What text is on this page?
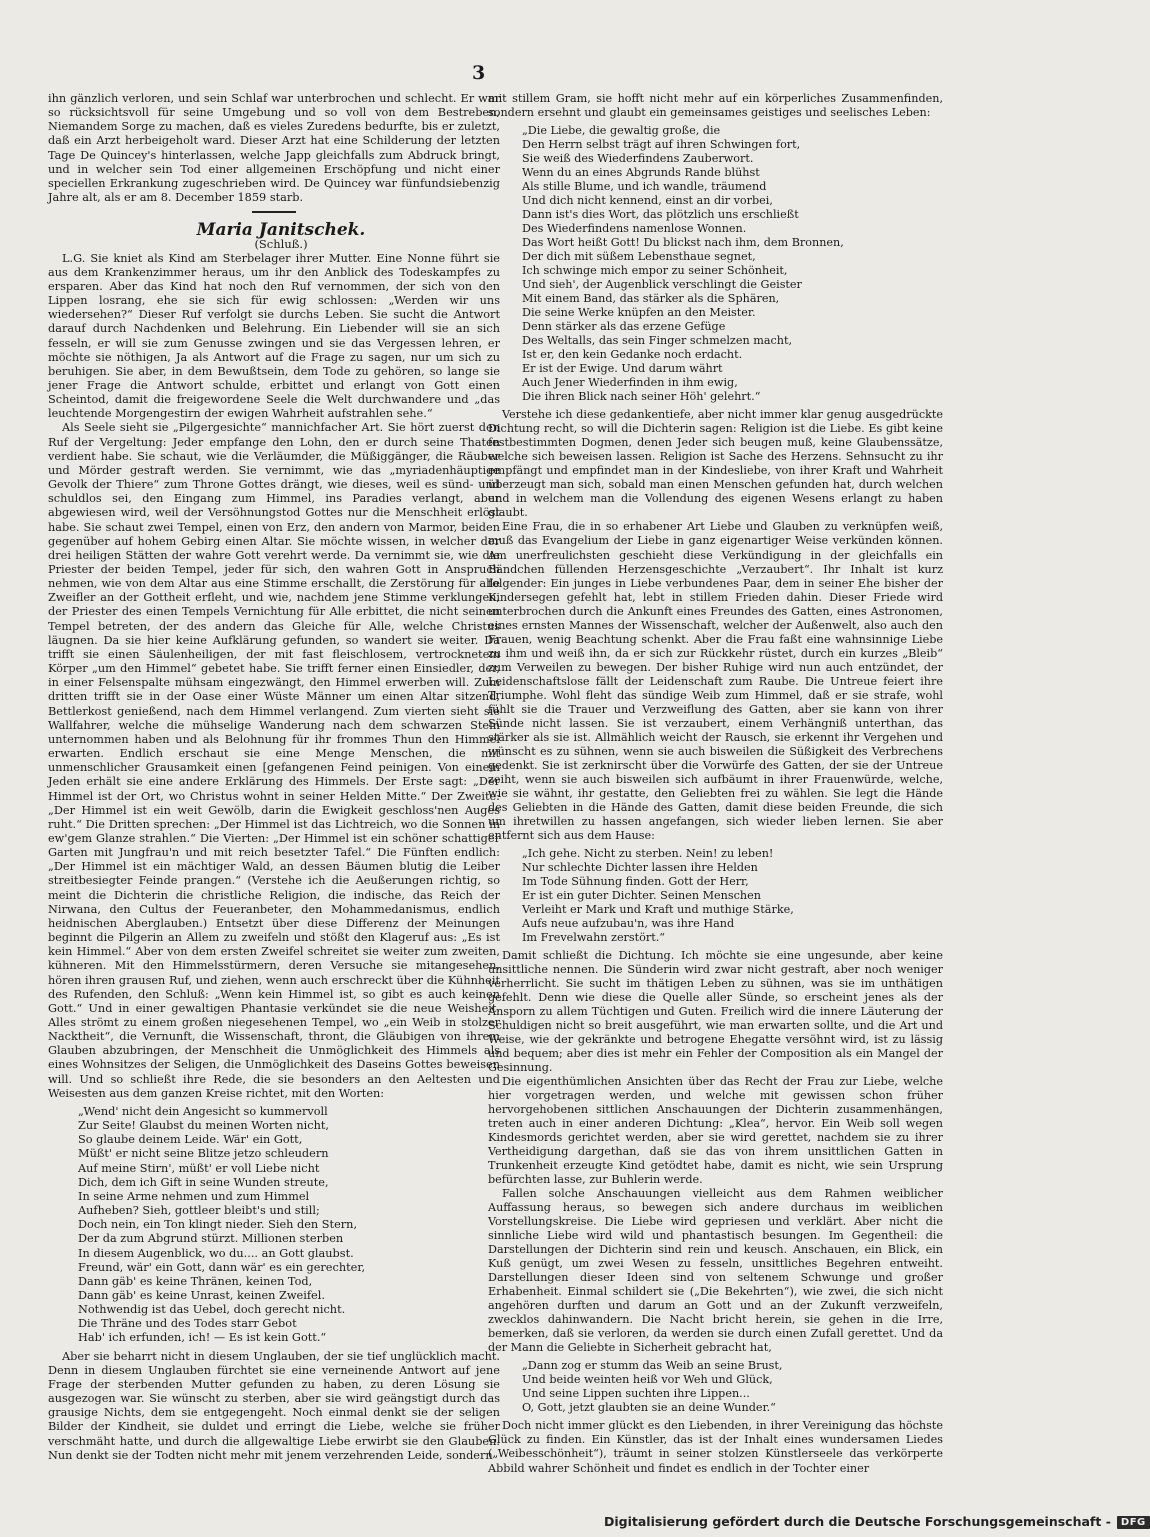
3

ihn gänzlich verloren, und sein Schlaf war unterbrochen und schlecht. Er war so rücksichtsvoll für seine Umgebung und so voll von dem Bestreben, Niemandem Sorge zu machen, daß es vieles Zuredens bedurfte, bis er zuletzt, daß ein Arzt herbeigeholt ward. Dieser Arzt hat eine Schilderung der letzten Tage De Quincey's hinterlassen, welche Japp gleichfalls zum Abdruck bringt, und in welcher sein Tod einer allgemeinen Erschöpfung und nicht einer speciellen Erkrankung zugeschrieben wird. De Quincey war fünfundsiebenzig Jahre alt, als er am 8. December 1859 starb.

Maria Janitschek.

(Schluß.)

L.G. Sie kniet als Kind am Sterbelager ihrer Mutter. Eine Nonne führt sie aus dem Krankenzimmer heraus, um ihr den Anblick des Todeskampfes zu ersparen. Aber das Kind hat noch den Ruf vernommen, der sich von den Lippen losrang, ehe sie sich für ewig schlossen: „Werden wir uns wiedersehen?“ Dieser Ruf verfolgt sie durchs Leben. Sie sucht die Antwort darauf durch Nachdenken und Belehrung. Ein Liebender will sie an sich fesseln, er will sie zum Genusse zwingen und sie das Vergessen lehren, er möchte sie nöthigen, Ja als Antwort auf die Frage zu sagen, nur um sich zu beruhigen. Sie aber, in dem Bewußtsein, dem Tode zu gehören, so lange sie jener Frage die Antwort schulde, erbittet und erlangt von Gott einen Scheintod, damit die freigewordene Seele die Welt durchwandere und „das leuchtende Morgengestirn der ewigen Wahrheit aufstrahlen sehe.“

Als Seele sieht sie „Pilgergesichte“ mannichfacher Art. Sie hört zuerst den Ruf der Vergeltung: Jeder empfange den Lohn, den er durch seine Thaten verdient habe. Sie schaut, wie die Verläumder, die Müßiggänger, die Räuber und Mörder gestraft werden. Sie vernimmt, wie das „myriadenhäuptige Gevolk der Thiere“ zum Throne Gottes drängt, wie dieses, weil es sünd- und schuldlos sei, den Eingang zum Himmel, ins Paradies verlangt, aber abgewiesen wird, weil der Versöhnungstod Gottes nur die Menschheit erlöst habe. Sie schaut zwei Tempel, einen von Erz, den andern von Marmor, beiden gegenüber auf hohem Gebirg einen Altar. Sie möchte wissen, in welcher der drei heiligen Stätten der wahre Gott verehrt werde. Da vernimmt sie, wie die Priester der beiden Tempel, jeder für sich, den wahren Gott in Anspruch nehmen, wie von dem Altar aus eine Stimme erschallt, die Zerstörung für alle Zweifler an der Gottheit erfleht, und wie, nachdem jene Stimme verklungen, der Priester des einen Tempels Vernichtung für Alle erbittet, die nicht seinen Tempel betreten, der des andern das Gleiche für Alle, welche Christus läugnen. Da sie hier keine Aufklärung gefunden, so wandert sie weiter. Da trifft sie einen Säulenheiligen, der mit fast fleischlosem, vertrocknetem Körper „um den Himmel“ gebetet habe. Sie trifft ferner einen Einsiedler, der, in einer Felsenspalte mühsam eingezwängt, den Himmel erwerben will. Zum dritten trifft sie in der Oase einer Wüste Männer um einen Altar sitzend, Bettlerkost genießend, nach dem Himmel verlangend. Zum vierten sieht sie Wallfahrer, welche die mühselige Wanderung nach dem schwarzen Stein unternommen haben und als Belohnung für ihr frommes Thun den Himmel erwarten. Endlich erschaut sie eine Menge Menschen, die mit unmenschlicher Grausamkeit einen [gefangenen Feind peinigen. Von einem Jeden erhält sie eine andere Erklärung des Himmels. Der Erste sagt: „Der Himmel ist der Ort, wo Christus wohnt in seiner Helden Mitte.“ Der Zweite: „Der Himmel ist ein weit Gewölb, darin die Ewigkeit geschloss'nen Auges ruht.“ Die Dritten sprechen: „Der Himmel ist das Lichtreich, wo die Sonnen in ew'gem Glanze strahlen.“ Die Vierten: „Der Himmel ist ein schöner schattiger Garten mit Jungfrau'n und mit reich besetzter Tafel.“ Die Fünften endlich: „Der Himmel ist ein mächtiger Wald, an dessen Bäumen blutig die Leiber streitbesiegter Feinde prangen.“ (Verstehe ich die Aeußerungen richtig, so meint die Dichterin die christliche Religion, die indische, das Reich der Nirwana, den Cultus der Feueranbeter, den Mohammedanismus, endlich heidnischen Aberglauben.) Entsetzt über diese Differenz der Meinungen beginnt die Pilgerin an Allem zu zweifeln und stößt den Klageruf aus: „Es ist kein Himmel.“ Aber von dem ersten Zweifel schreitet sie weiter zum zweiten, kühneren. Mit den Himmelsstürmern, deren Versuche sie mitangesehen, hören ihren grausen Ruf, und ziehen, wenn auch erschreckt über die Kühnheit des Rufenden, den Schluß: „Wenn kein Himmel ist, so gibt es auch keinen Gott.“ Und in einer gewaltigen Phantasie verkündet sie die neue Weisheit. Alles strömt zu einem großen niegesehenen Tempel, wo „ein Weib in stolzer Nacktheit“, die Vernunft, die Wissenschaft, thront, die Gläubigen von ihrem Glauben abzubringen, der Menschheit die Unmöglichkeit des Himmels als eines Wohnsitzes der Seligen, die Unmöglichkeit des Daseins Gottes beweisen will. Und so schließt ihre Rede, die sie besonders an den Aeltesten und Weisesten aus dem ganzen Kreise richtet, mit den Worten:

„Wend' nicht dein Angesicht so kummervoll
Zur Seite! Glaubst du meinen Worten nicht,
So glaube deinem Leide. Wär' ein Gott,
Müßt' er nicht seine Blitze jetzo schleudern
Auf meine Stirn', müßt' er voll Liebe nicht
Dich, dem ich Gift in seine Wunden streute,
In seine Arme nehmen und zum Himmel
Aufheben? Sieh, gottleer bleibt's und still;
Doch nein, ein Ton klingt nieder. Sieh den Stern,
Der da zum Abgrund stürzt. Millionen sterben
In diesem Augenblick, wo du.... an Gott glaubst.
Freund, wär' ein Gott, dann wär' es ein gerechter,
Dann gäb' es keine Thränen, keinen Tod,
Dann gäb' es keine Unrast, keinen Zweifel.
Nothwendig ist das Uebel, doch gerecht nicht.
Die Thräne und des Todes starr Gebot
Hab' ich erfunden, ich! — Es ist kein Gott.“

Aber sie beharrt nicht in diesem Unglauben, der sie tief unglücklich macht. Denn in diesem Unglauben fürchtet sie eine verneinende Antwort auf jene Frage der sterbenden Mutter gefunden zu haben, zu deren Lösung sie ausgezogen war. Sie wünscht zu sterben, aber sie wird geängstigt durch das grausige Nichts, dem sie entgegengeht. Noch einmal denkt sie der seligen Bilder der Kindheit, sie duldet und erringt die Liebe, welche sie früher verschmäht hatte, und durch die allgewaltige Liebe erwirbt sie den Glauben. Nun denkt sie der Todten nicht mehr mit jenem verzehrenden Leide, sondern

mit stillem Gram, sie hofft nicht mehr auf ein körperliches Zusammenfinden, sondern ersehnt und glaubt ein gemeinsames geistiges und seelisches Leben:

„Die Liebe, die gewaltig große, die
Den Herrn selbst trägt auf ihren Schwingen fort,
Sie weiß des Wiederfindens Zauberwort.
Wenn du an eines Abgrunds Rande blühst
Als stille Blume, und ich wandle, träumend
Und dich nicht kennend, einst an dir vorbei,
Dann ist's dies Wort, das plötzlich uns erschließt
Des Wiederfindens namenlose Wonnen.
Das Wort heißt Gott! Du blickst nach ihm, dem Bronnen,
Der dich mit süßem Lebensthaue segnet,
Ich schwinge mich empor zu seiner Schönheit,
Und sieh', der Augenblick verschlingt die Geister
Mit einem Band, das stärker als die Sphären,
Die seine Werke knüpfen an den Meister.
Denn stärker als das erzene Gefüge
Des Weltalls, das sein Finger schmelzen macht,
Ist er, den kein Gedanke noch erdacht.
Er ist der Ewige. Und darum währt
Auch Jener Wiederfinden in ihm ewig,
Die ihren Blick nach seiner Höh' gelehrt.“

Verstehe ich diese gedankentiefe, aber nicht immer klar genug ausgedrückte Dichtung recht, so will die Dichterin sagen: Religion ist die Liebe. Es gibt keine festbestimmten Dogmen, denen Jeder sich beugen muß, keine Glaubenssätze, welche sich beweisen lassen. Religion ist Sache des Herzens. Sehnsucht zu ihr empfängt und empfindet man in der Kindesliebe, von ihrer Kraft und Wahrheit überzeugt man sich, sobald man einen Menschen gefunden hat, durch welchen und in welchem man die Vollendung des eigenen Wesens erlangt zu haben glaubt.

Eine Frau, die in so erhabener Art Liebe und Glauben zu verknüpfen weiß, muß das Evangelium der Liebe in ganz eigenartiger Weise verkünden können. Am unerfreulichsten geschieht diese Verkündigung in der gleichfalls ein Bändchen füllenden Herzensgeschichte „Verzaubert“. Ihr Inhalt ist kurz folgender: Ein junges in Liebe verbundenes Paar, dem in seiner Ehe bisher der Kindersegen gefehlt hat, lebt in stillem Frieden dahin. Dieser Friede wird unterbrochen durch die Ankunft eines Freundes des Gatten, eines Astronomen, eines ernsten Mannes der Wissenschaft, welcher der Außenwelt, also auch den Frauen, wenig Beachtung schenkt. Aber die Frau faßt eine wahnsinnige Liebe zu ihm und weiß ihn, da er sich zur Rückkehr rüstet, durch ein kurzes „Bleib“ zum Verweilen zu bewegen. Der bisher Ruhige wird nun auch entzündet, der Leidenschaftslose fällt der Leidenschaft zum Raube. Die Untreue feiert ihre Triumphe. Wohl fleht das sündige Weib zum Himmel, daß er sie strafe, wohl fühlt sie die Trauer und Verzweiflung des Gatten, aber sie kann von ihrer Sünde nicht lassen. Sie ist verzaubert, einem Verhängniß unterthan, das stärker als sie ist. Allmählich weicht der Rausch, sie erkennt ihr Vergehen und wünscht es zu sühnen, wenn sie auch bisweilen die Süßigkeit des Verbrechens gedenkt. Sie ist zerknirscht über die Vorwürfe des Gatten, der sie der Untreue zeiht, wenn sie auch bisweilen sich aufbäumt in ihrer Frauenwürde, welche, wie sie wähnt, ihr gestatte, den Geliebten frei zu wählen. Sie legt die Hände des Geliebten in die Hände des Gatten, damit diese beiden Freunde, die sich um ihretwillen zu hassen angefangen, sich wieder lieben lernen. Sie aber entfernt sich aus dem Hause:

„Ich gehe. Nicht zu sterben. Nein! zu leben!
Nur schlechte Dichter lassen ihre Helden
Im Tode Sühnung finden. Gott der Herr,
Er ist ein guter Dichter. Seinen Menschen
Verleiht er Mark und Kraft und muthige Stärke,
Aufs neue aufzubau'n, was ihre Hand
Im Frevelwahn zerstört.“

Damit schließt die Dichtung. Ich möchte sie eine ungesunde, aber keine unsittliche nennen. Die Sünderin wird zwar nicht gestraft, aber noch weniger verherrlicht. Sie sucht im thätigen Leben zu sühnen, was sie im unthätigen gefehlt. Denn wie diese die Quelle aller Sünde, so erscheint jenes als der Ansporn zu allem Tüchtigen und Guten. Freilich wird die innere Läuterung der Schuldigen nicht so breit ausgeführt, wie man erwarten sollte, und die Art und Weise, wie der gekränkte und betrogene Ehegatte versöhnt wird, ist zu lässig und bequem; aber dies ist mehr ein Fehler der Composition als ein Mangel der Gesinnung.

Die eigenthümlichen Ansichten über das Recht der Frau zur Liebe, welche hier vorgetragen werden, und welche mit gewissen schon früher hervorgehobenen sittlichen Anschauungen der Dichterin zusammenhängen, treten auch in einer anderen Dichtung: „Klea“, hervor. Ein Weib soll wegen Kindesmords gerichtet werden, aber sie wird gerettet, nachdem sie zu ihrer Vertheidigung dargethan, daß sie das von ihrem unsittlichen Gatten in Trunkenheit erzeugte Kind getödtet habe, damit es nicht, wie sein Ursprung befürchten lasse, zur Buhlerin werde.

Fallen solche Anschauungen vielleicht aus dem Rahmen weiblicher Auffassung heraus, so bewegen sich andere durchaus im weiblichen Vorstellungskreise. Die Liebe wird gepriesen und verklärt. Aber nicht die sinnliche Liebe wird wild und phantastisch besungen. Im Gegentheil: die Darstellungen der Dichterin sind rein und keusch. Anschauen, ein Blick, ein Kuß genügt, um zwei Wesen zu fesseln, unsittliches Begehren entweiht. Darstellungen dieser Ideen sind von seltenem Schwunge und großer Erhabenheit. Einmal schildert sie („Die Bekehrten“), wie zwei, die sich nicht angehören durften und darum an Gott und an der Zukunft verzweifeln, zwecklos dahinwandern. Die Nacht bricht herein, sie gehen in die Irre, bemerken, daß sie verloren, da werden sie durch einen Zufall gerettet. Und da der Mann die Geliebte in Sicherheit gebracht hat,

„Dann zog er stumm das Weib an seine Brust,
Und beide weinten heiß vor Weh und Glück,
Und seine Lippen suchten ihre Lippen...
O, Gott, jetzt glaubten sie an deine Wunder.“

Doch nicht immer glückt es den Liebenden, in ihrer Vereinigung das höchste Glück zu finden. Ein Künstler, das ist der Inhalt eines wundersamen Liedes („Weibesschönheit“), träumt in seiner stolzen Künstlerseele das verkörperte Abbild wahrer Schönheit und findet es endlich in der Tochter einer

Digitalisierung gefördert durch die Deutsche Forschungsgemeinschaft - DFG
